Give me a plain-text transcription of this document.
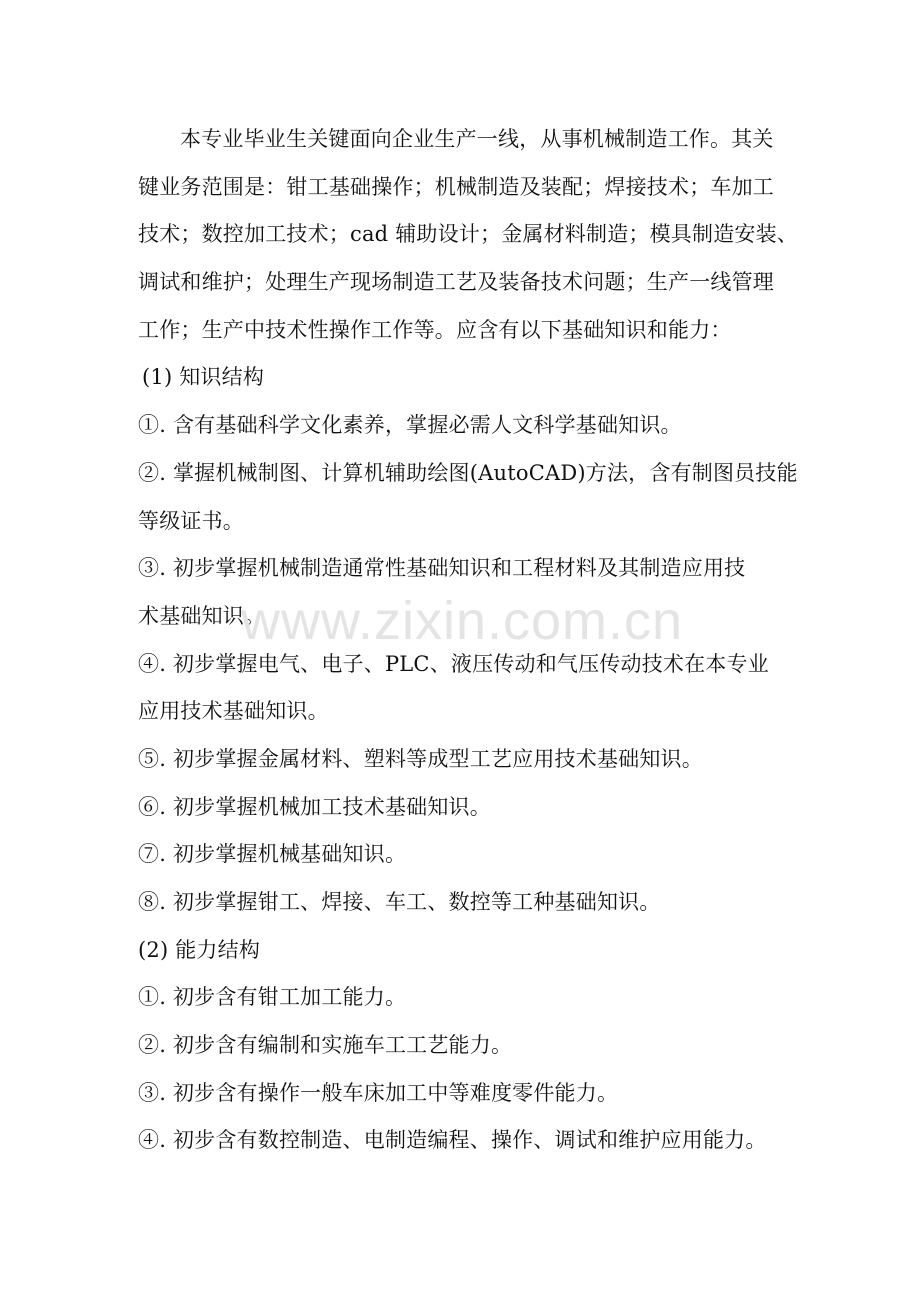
本专业毕业生关键面向企业生产一线，从事机械制造工作。其关
键业务范围是：钳工基础操作；机械制造及装配；焊接技术；车加工
技术；数控加工技术；cad 辅助设计；金属材料制造；模具制造安装、
调试和维护；处理生产现场制造工艺及装备技术问题；生产一线管理
工作；生产中技术性操作工作等。应含有以下基础知识和能力：
(1) 知识结构
①. 含有基础科学文化素养，掌握必需人文科学基础知识。
②. 掌握机械制图、计算机辅助绘图(AutoCAD)方法，含有制图员技能
等级证书。
③. 初步掌握机械制造通常性基础知识和工程材料及其制造应用技
术基础知识。
④. 初步掌握电气、电子、PLC、液压传动和气压传动技术在本专业
应用技术基础知识。
⑤. 初步掌握金属材料、塑料等成型工艺应用技术基础知识。
⑥. 初步掌握机械加工技术基础知识。
⑦. 初步掌握机械基础知识。
⑧. 初步掌握钳工、焊接、车工、数控等工种基础知识。
(2) 能力结构
①. 初步含有钳工加工能力。
②. 初步含有编制和实施车工工艺能力。
③. 初步含有操作一般车床加工中等难度零件能力。
④. 初步含有数控制造、电制造编程、操作、调试和维护应用能力。
www.zixin.com.cn
